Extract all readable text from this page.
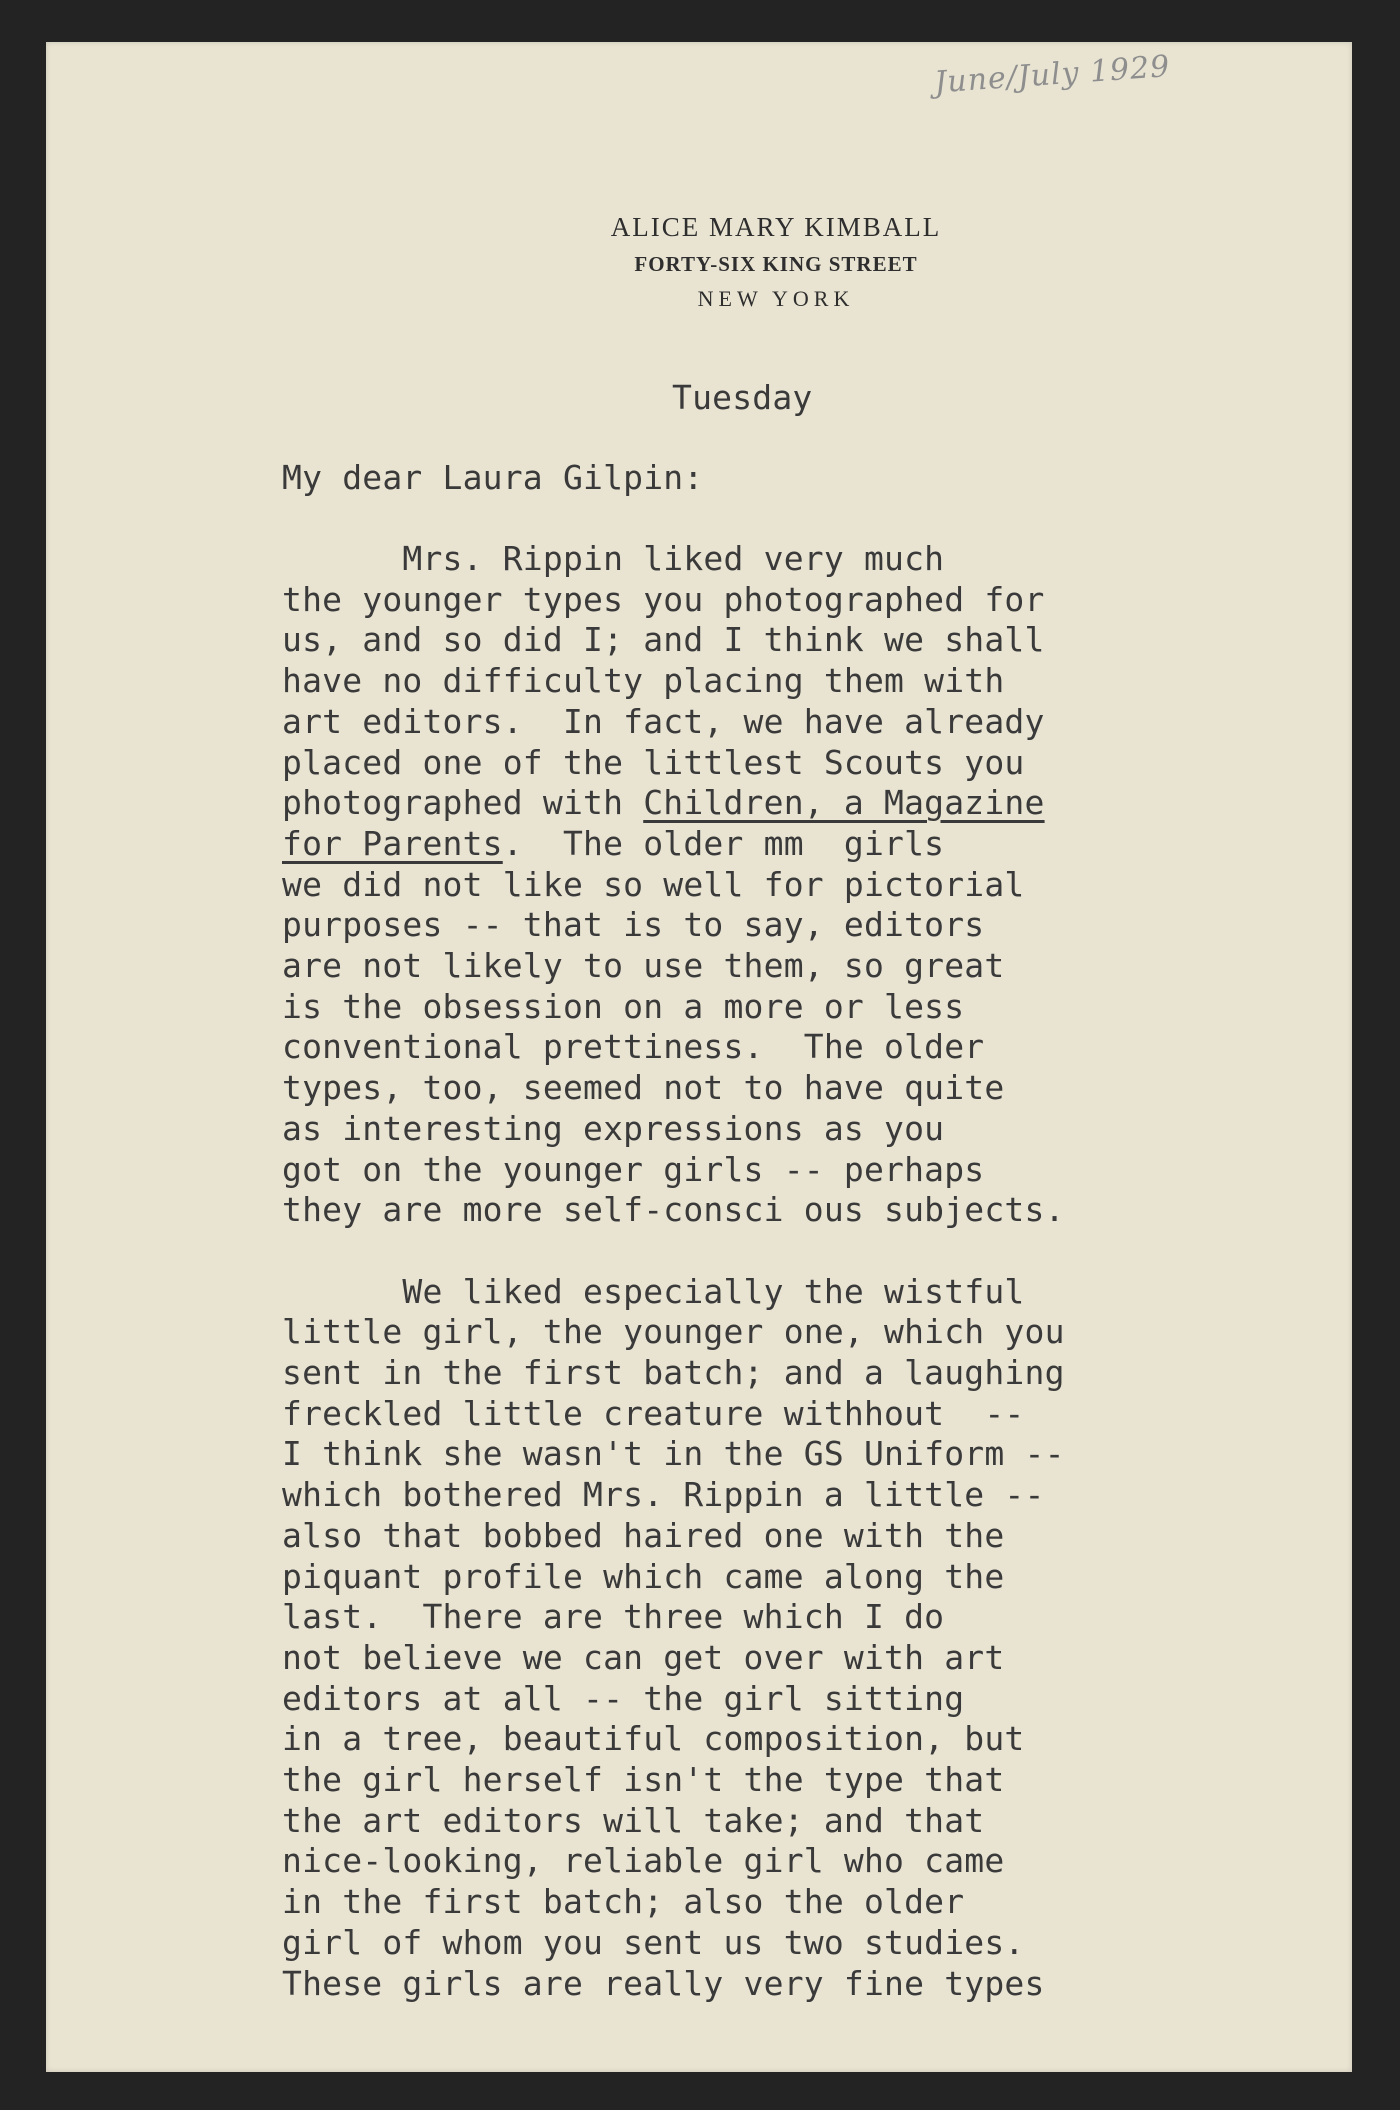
June/July 1929
ALICE MARY KIMBALL
FORTY-SIX KING STREET
NEW YORK
Tuesday
My dear Laura Gilpin:
Mrs. Rippin liked very much
the younger types you photographed for
us, and so did I; and I think we shall
have no difficulty placing them with
art editors.  In fact, we have already
placed one of the littlest Scouts you
photographed with Children, a Magazine
for Parents.  The older mm  girls
we did not like so well for pictorial
purposes -- that is to say, editors
are not likely to use them, so great
is the obsession on a more or less
conventional prettiness.  The older
types, too, seemed not to have quite
as interesting expressions as you
got on the younger girls -- perhaps
they are more self-consci ous subjects.
We liked especially the wistful
little girl, the younger one, which you
sent in the first batch; and a laughing
freckled little creature withhout  --
I think she wasn't in the GS Uniform --
which bothered Mrs. Rippin a little --
also that bobbed haired one with the
piquant profile which came along the
last.  There are three which I do
not believe we can get over with art
editors at all -- the girl sitting
in a tree, beautiful composition, but
the girl herself isn't the type that
the art editors will take; and that
nice-looking, reliable girl who came
in the first batch; also the older
girl of whom you sent us two studies.
These girls are really very fine types
